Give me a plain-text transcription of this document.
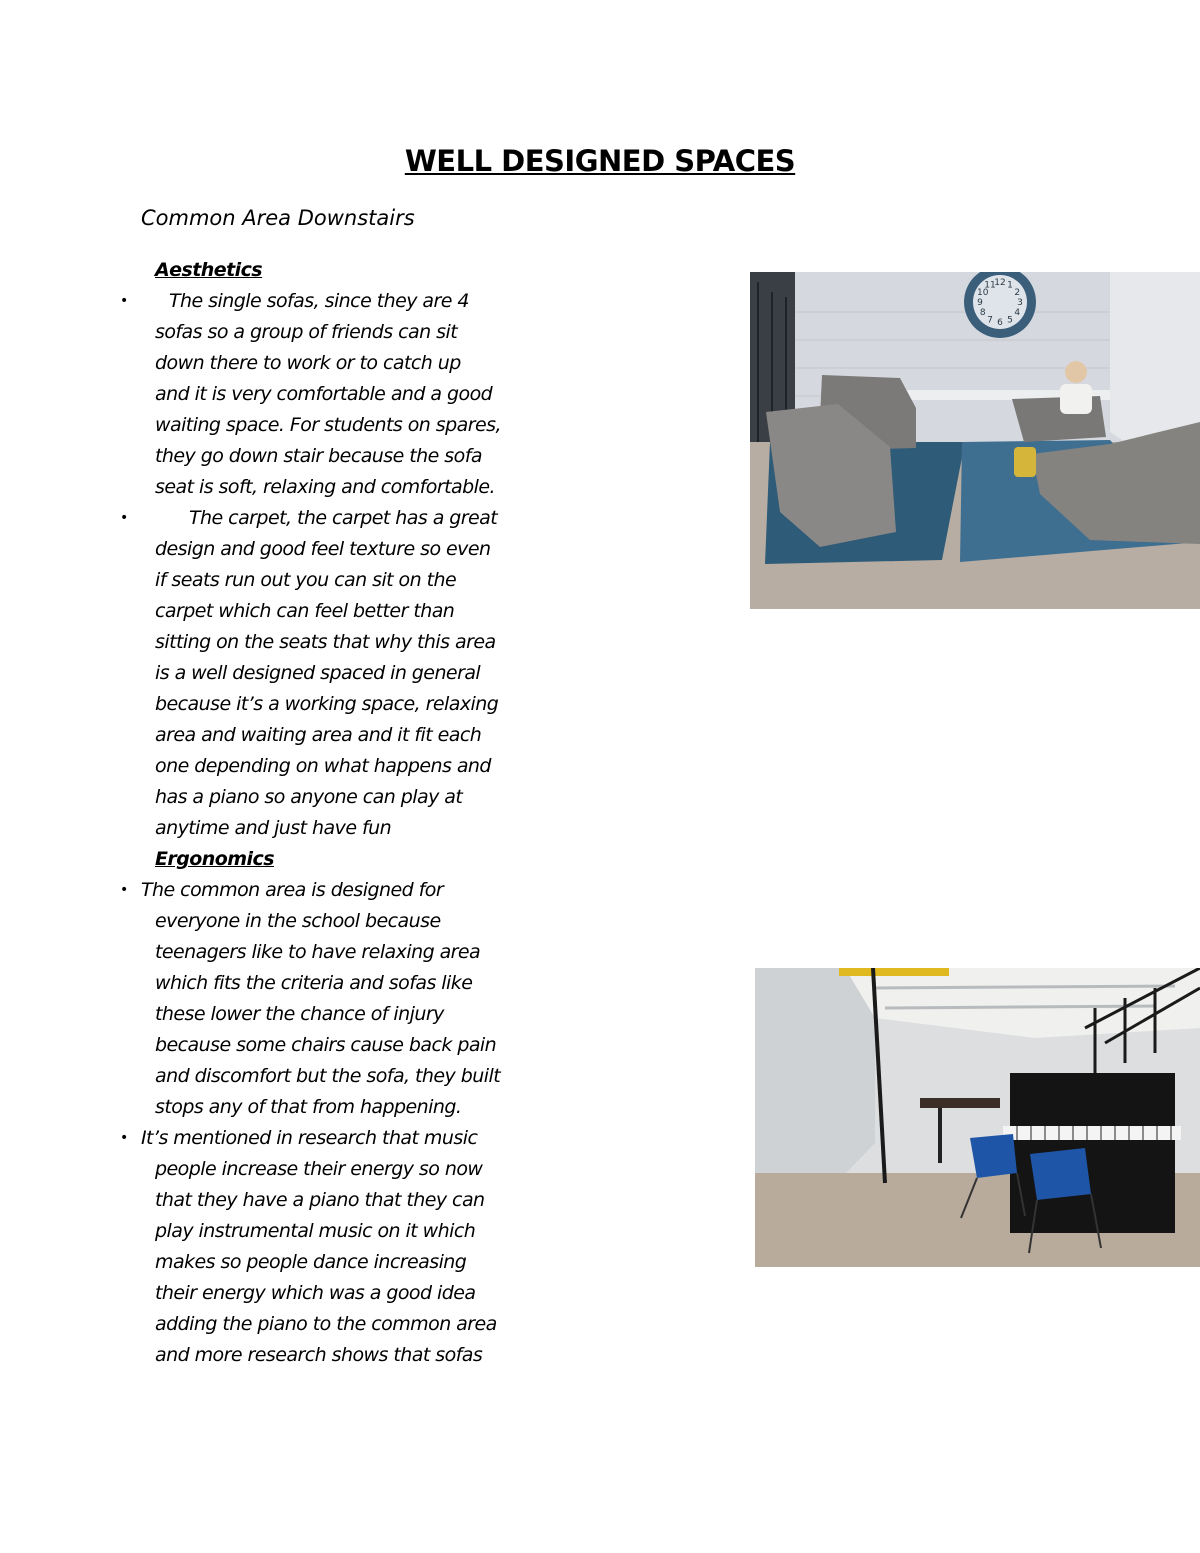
WELL DESIGNED SPACES
Common Area Downstairs
Aesthetics
• The single sofas, since they are 4
sofas so a group of friends can sit
down there to work or to catch up
and it is very comfortable and a good
waiting space. For students on spares,
they go down stair because the sofa
seat is soft, relaxing and comfortable.
•	The carpet, the carpet has a great
design and good feel texture so even
if seats run out you can sit on the
carpet which can feel better than
sitting on the seats that why this area
is a well designed spaced in general
because it’s a working space, relaxing
area and waiting area and it fit each
one depending on what happens and
has a piano so anyone can play at
anytime and just have fun
Ergonomics
• The common area is designed for
everyone in the school because
teenagers like to have relaxing area
which fits the criteria and sofas like
these lower the chance of injury
because some chairs cause back pain
and discomfort but the sofa, they built
stops any of that from happening.
• It’s mentioned in research that music
people increase their energy so now
that they have a piano that they can
play instrumental music on it which
makes so people dance increasing
their energy which was a good idea
adding the piano to the common area
and more research shows that sofas
12 1
2
3
4
5
6
7
8
9
10
11
